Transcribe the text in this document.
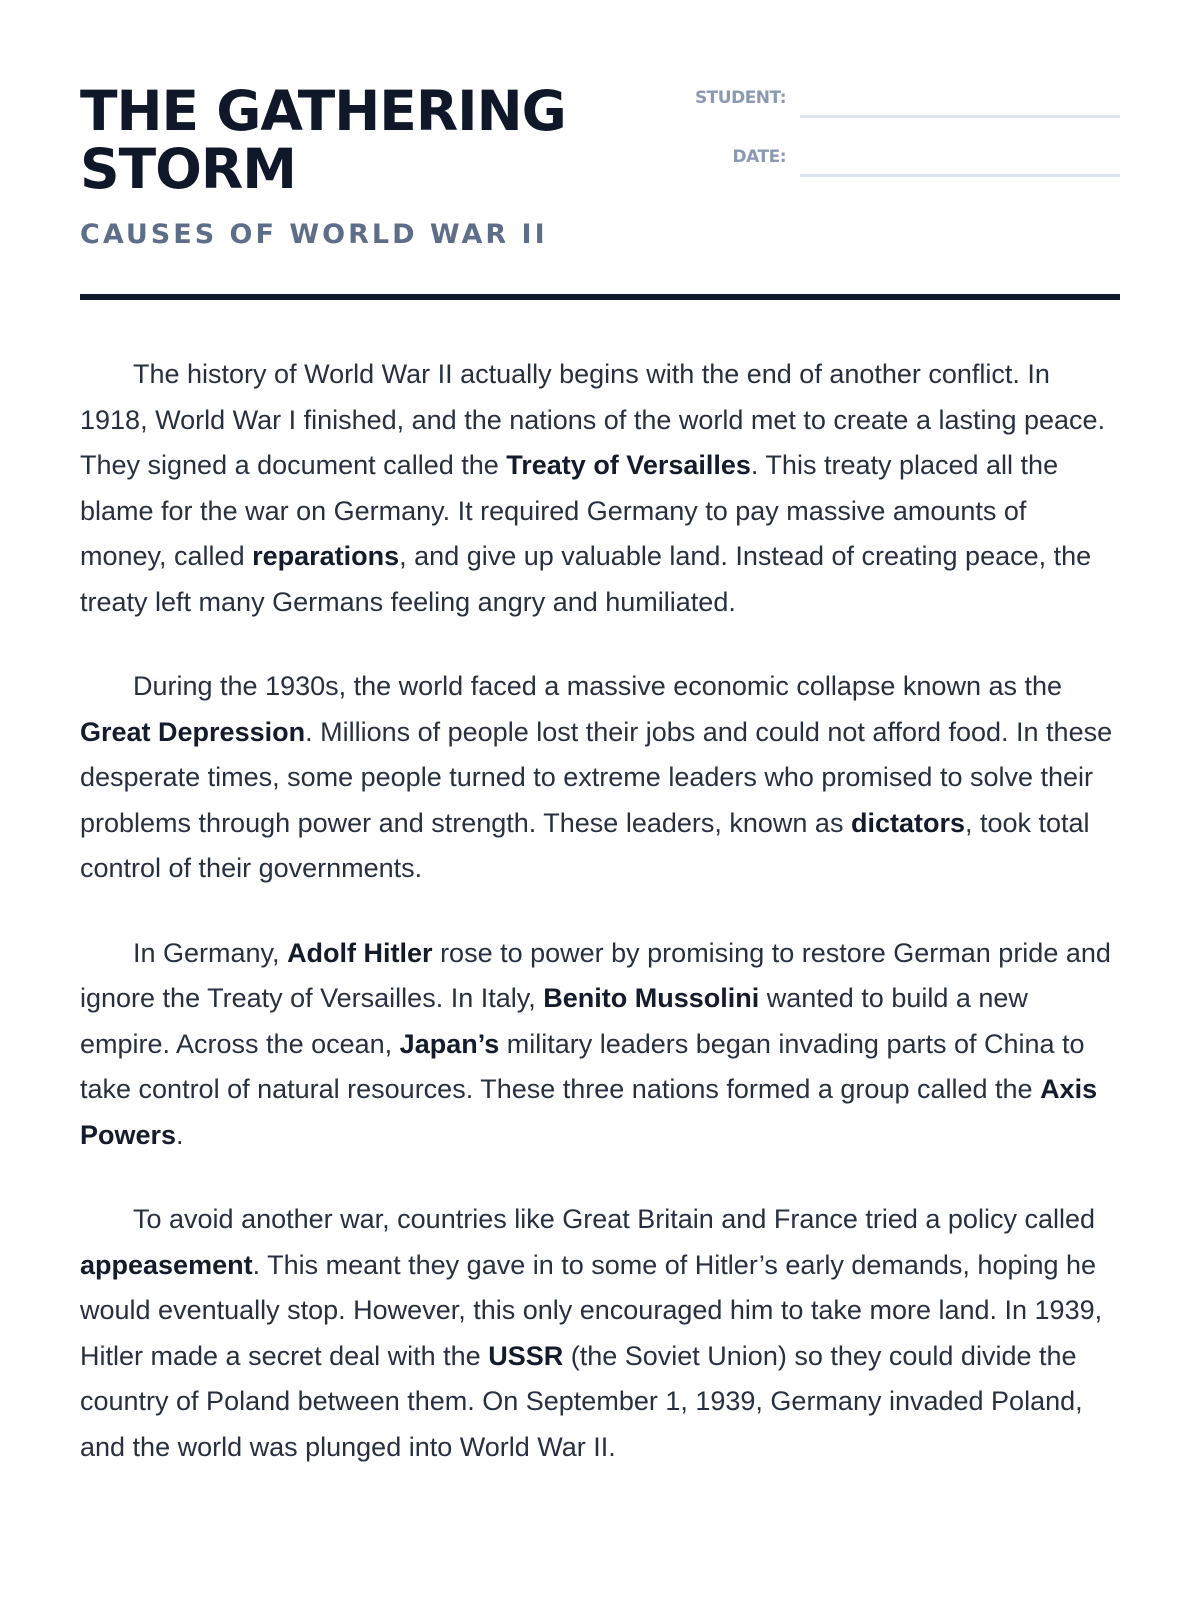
THE GATHERING STORM
CAUSES OF WORLD WAR II
STUDENT:
DATE:

The history of World War II actually begins with the end of another conflict. In 1918, World War I finished, and the nations of the world met to create a lasting peace. They signed a document called the Treaty of Versailles. This treaty placed all the blame for the war on Germany. It required Germany to pay massive amounts of money, called reparations, and give up valuable land. Instead of creating peace, the treaty left many Germans feeling angry and humiliated.

During the 1930s, the world faced a massive economic collapse known as the Great Depression. Millions of people lost their jobs and could not afford food. In these desperate times, some people turned to extreme leaders who promised to solve their problems through power and strength. These leaders, known as dictators, took total control of their governments.

In Germany, Adolf Hitler rose to power by promising to restore German pride and ignore the Treaty of Versailles. In Italy, Benito Mussolini wanted to build a new empire. Across the ocean, Japan’s military leaders began invading parts of China to take control of natural resources. These three nations formed a group called the Axis Powers.

To avoid another war, countries like Great Britain and France tried a policy called appeasement. This meant they gave in to some of Hitler’s early demands, hoping he would eventually stop. However, this only encouraged him to take more land. In 1939, Hitler made a secret deal with the USSR (the Soviet Union) so they could divide the country of Poland between them. On September 1, 1939, Germany invaded Poland, and the world was plunged into World War II.
